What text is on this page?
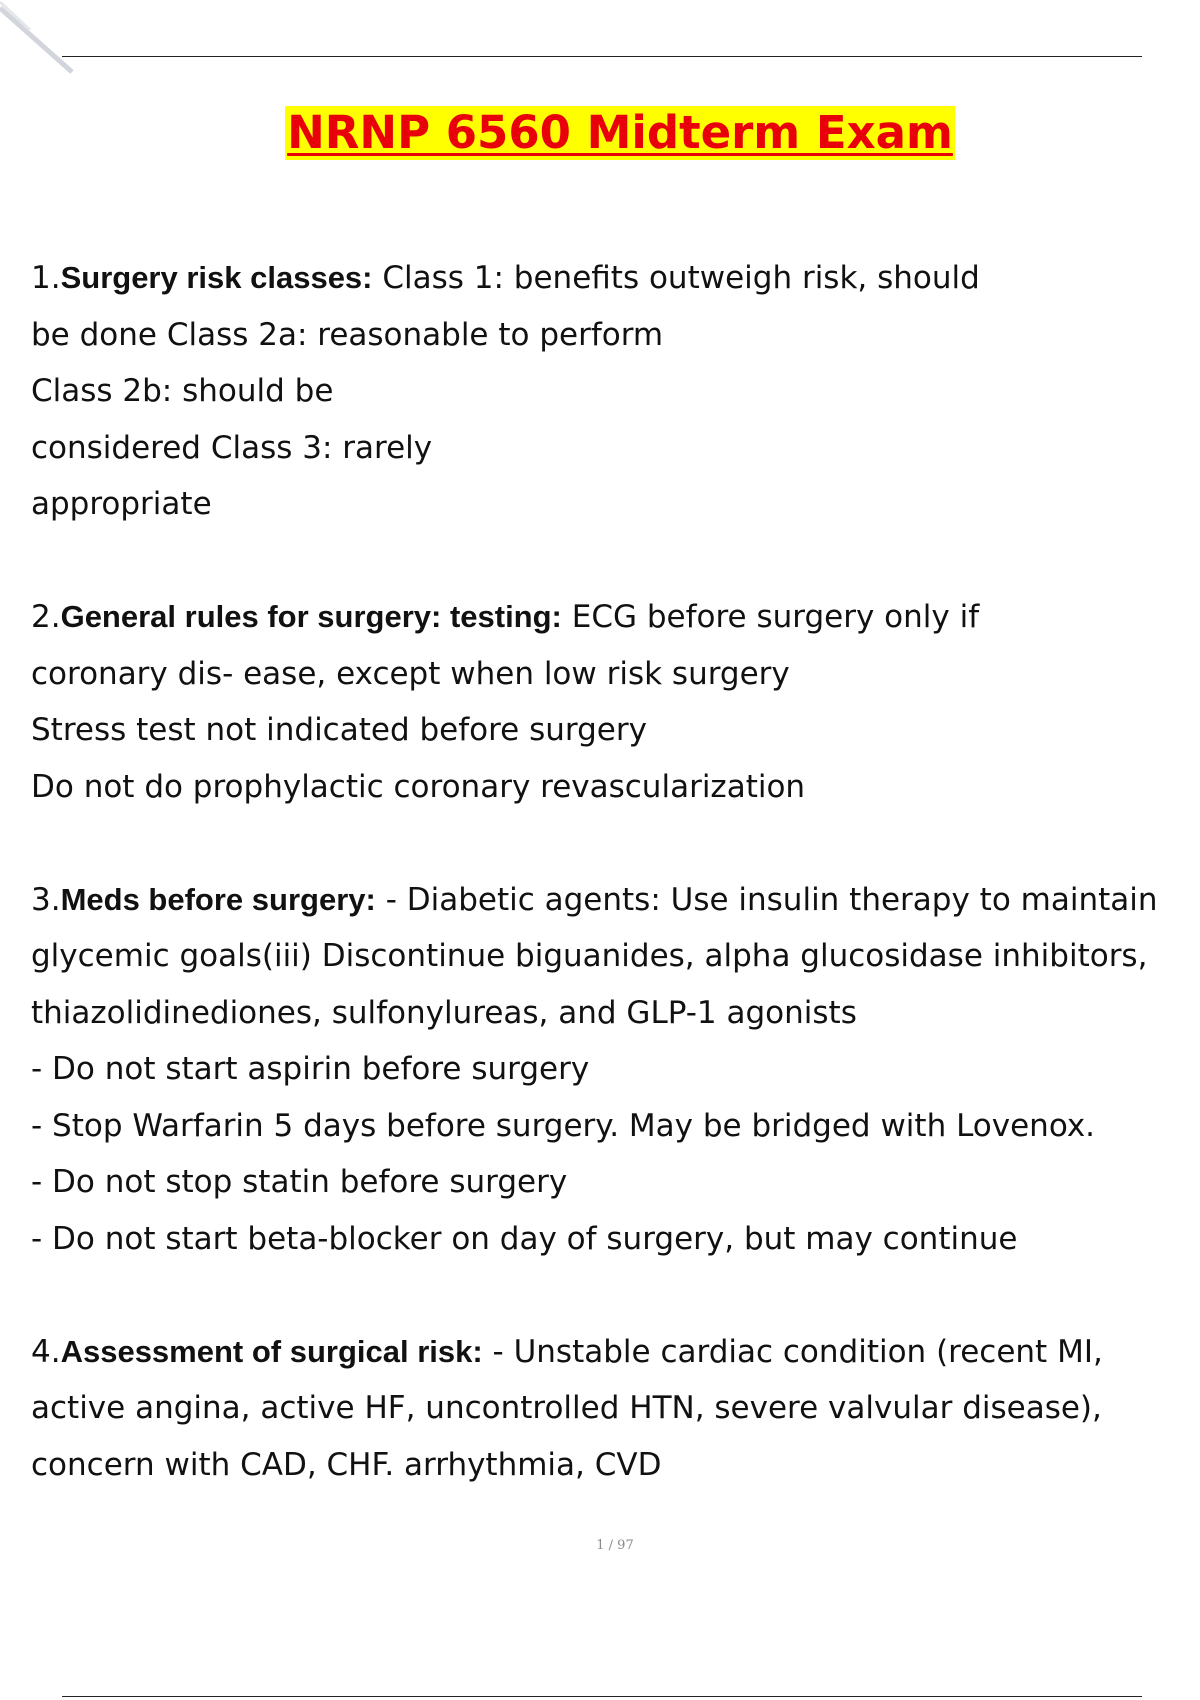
NRNP 6560 Midterm Exam
1.Surgery risk classes: Class 1: benefits outweigh risk, should
be done Class 2a: reasonable to perform
Class 2b: should be
considered Class 3: rarely
appropriate
2.General rules for surgery: testing: ECG before surgery only if
coronary dis- ease, except when low risk surgery
Stress test not indicated before surgery
Do not do prophylactic coronary revascularization
3.Meds before surgery: - Diabetic agents: Use insulin therapy to maintain
glycemic goals(iii) Discontinue biguanides, alpha glucosidase inhibitors,
thiazolidinediones, sulfonylureas, and GLP-1 agonists
- Do not start aspirin before surgery
- Stop Warfarin 5 days before surgery. May be bridged with Lovenox.
- Do not stop statin before surgery
- Do not start beta-blocker on day of surgery, but may continue
4.Assessment of surgical risk: - Unstable cardiac condition (recent MI,
active angina, active HF, uncontrolled HTN, severe valvular disease),
concern with CAD, CHF. arrhythmia, CVD
1 / 97
